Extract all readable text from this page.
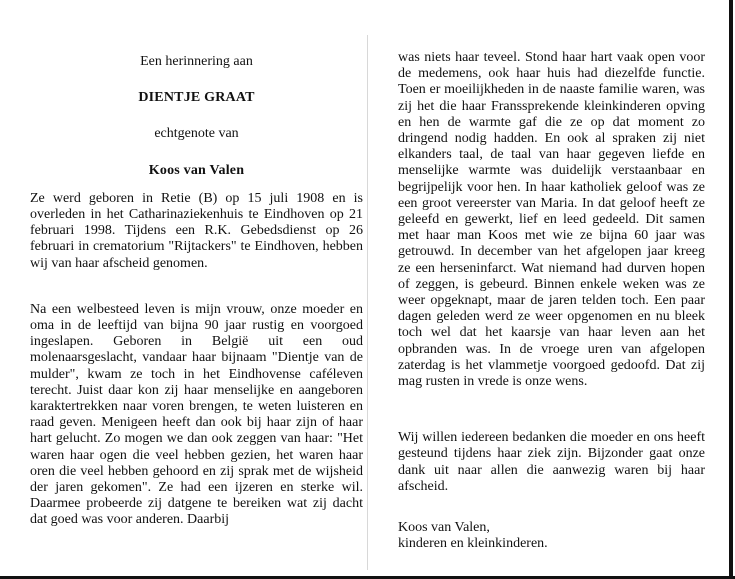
Een herinnering aan
DIENTJE GRAAT
echtgenote van
Koos van Valen

Ze werd geboren in Retie (B) op 15 juli 1908 en is overleden in het Catharinaziekenhuis te Eindhoven op 21 februari 1998. Tijdens een R.K. Gebedsdienst op 26 februari in crematorium "Rijtackers" te Eindhoven, hebben wij van haar afscheid genomen.

Na een welbesteed leven is mijn vrouw, onze moeder en oma in de leeftijd van bijna 90 jaar rustig en voorgoed ingeslapen. Geboren in België uit een oud molenaarsgeslacht, vandaar haar bijnaam "Dientje van de mulder", kwam ze toch in het Eindhovense caféleven terecht. Juist daar kon zij haar menselijke en aangeboren karaktertrekken naar voren brengen, te weten luisteren en raad geven. Menigeen heeft dan ook bij haar zijn of haar hart gelucht. Zo mogen we dan ook zeggen van haar: "Het waren haar ogen die veel hebben gezien, het waren haar oren die veel hebben gehoord en zij sprak met de wijsheid der jaren gekomen". Ze had een ijzeren en sterke wil. Daarmee probeerde zij datgene te bereiken wat zij dacht dat goed was voor anderen. Daarbij

was niets haar teveel. Stond haar hart vaak open voor de medemens, ook haar huis had diezelfde functie. Toen er moeilijkheden in de naaste familie waren, was zij het die haar Franssprekende kleinkinderen opving en hen de warmte gaf die ze op dat moment zo dringend nodig hadden. En ook al spraken zij niet elkanders taal, de taal van haar gegeven liefde en menselijke warmte was duidelijk verstaanbaar en begrijpelijk voor hen. In haar katholiek geloof was ze een groot vereerster van Maria. In dat geloof heeft ze geleefd en gewerkt, lief en leed gedeeld. Dit samen met haar man Koos met wie ze bijna 60 jaar was getrouwd. In december van het afgelopen jaar kreeg ze een herseninfarct. Wat niemand had durven hopen of zeggen, is gebeurd. Binnen enkele weken was ze weer opgeknapt, maar de jaren telden toch. Een paar dagen geleden werd ze weer opgenomen en nu bleek toch wel dat het kaarsje van haar leven aan het opbranden was. In de vroege uren van afgelopen zaterdag is het vlammetje voorgoed gedoofd. Dat zij mag rusten in vrede is onze wens.

Wij willen iedereen bedanken die moeder en ons heeft gesteund tijdens haar ziek zijn. Bijzonder gaat onze dank uit naar allen die aanwezig waren bij haar afscheid.

Koos van Valen,
kinderen en kleinkinderen.
